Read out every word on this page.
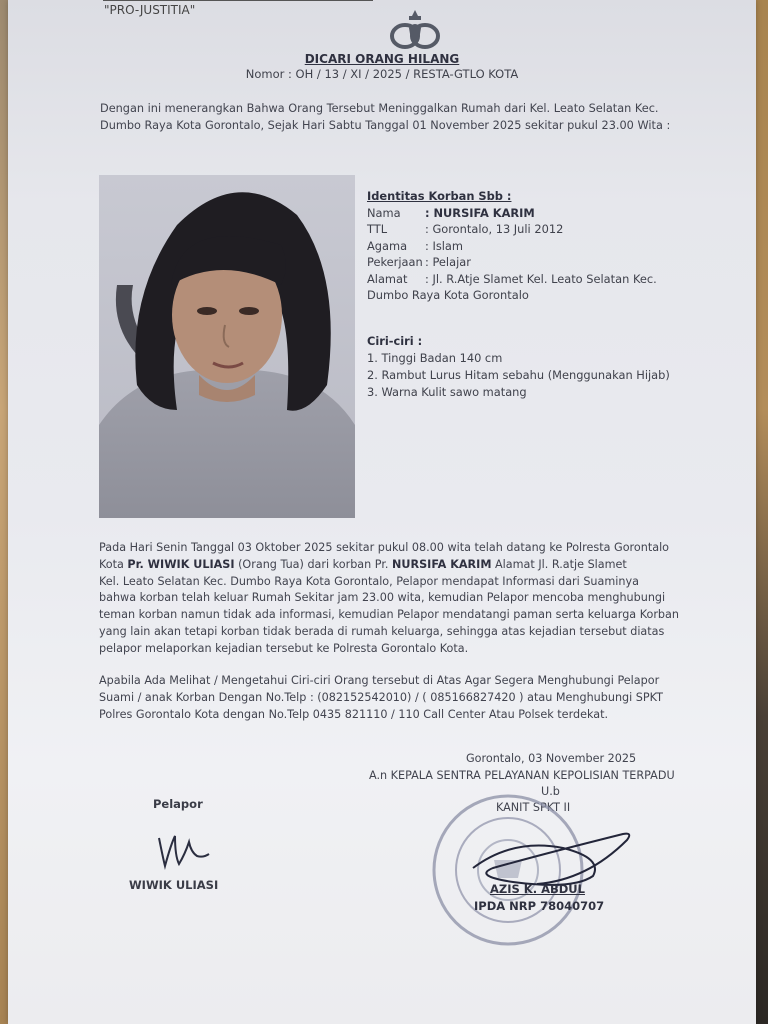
"PRO-JUSTITIA"
DICARI ORANG HILANG
Nomor : OH / 13 / XI / 2025 / RESTA-GTLO KOTA
Dengan ini menerangkan Bahwa Orang Tersebut Meninggalkan Rumah dari Kel. Leato Selatan Kec.
Dumbo Raya Kota Gorontalo, Sejak Hari Sabtu Tanggal 01 November 2025 sekitar pukul 23.00 Wita :
Identitas Korban Sbb :
Nama : NURSIFA KARIM
TTL	: Gorontalo, 13 Juli 2012
Agama : Islam
Pekerjaan : Pelajar
Alamat : Jl. R.Atje Slamet Kel. Leato Selatan Kec.
Dumbo Raya Kota Gorontalo
Ciri-ciri :
1. Tinggi Badan 140 cm
2. Rambut Lurus Hitam sebahu (Menggunakan Hijab)
3. Warna Kulit sawo matang
Pada Hari Senin Tanggal 03 Oktober 2025 sekitar pukul 08.00 wita telah datang ke Polresta Gorontalo
Kota Pr. WIWIK ULIASI (Orang Tua) dari korban Pr. NURSIFA KARIM Alamat Jl. R.atje Slamet
Kel. Leato Selatan Kec. Dumbo Raya Kota Gorontalo, Pelapor mendapat Informasi dari Suaminya
bahwa korban telah keluar Rumah Sekitar jam 23.00 wita, kemudian Pelapor mencoba menghubungi
teman korban namun tidak ada informasi, kemudian Pelapor mendatangi paman serta keluarga Korban
yang lain akan tetapi korban tidak berada di rumah keluarga, sehingga atas kejadian tersebut diatas
pelapor melaporkan kejadian tersebut ke Polresta Gorontalo Kota.
Apabila Ada Melihat / Mengetahui Ciri-ciri Orang tersebut di Atas Agar Segera Menghubungi Pelapor
Suami / anak Korban Dengan No.Telp : (082152542010) / ( 085166827420 ) atau Menghubungi SPKT
Polres Gorontalo Kota dengan No.Telp 0435 821110 / 110 Call Center Atau Polsek terdekat.
Gorontalo, 03 November 2025
A.n KEPALA SENTRA PELAYANAN KEPOLISIAN TERPADU
U.b
KANIT SPKT II
Pelapor
WIWIK ULIASI	AZIS K. ABDUL
IPDA NRP 78040707
